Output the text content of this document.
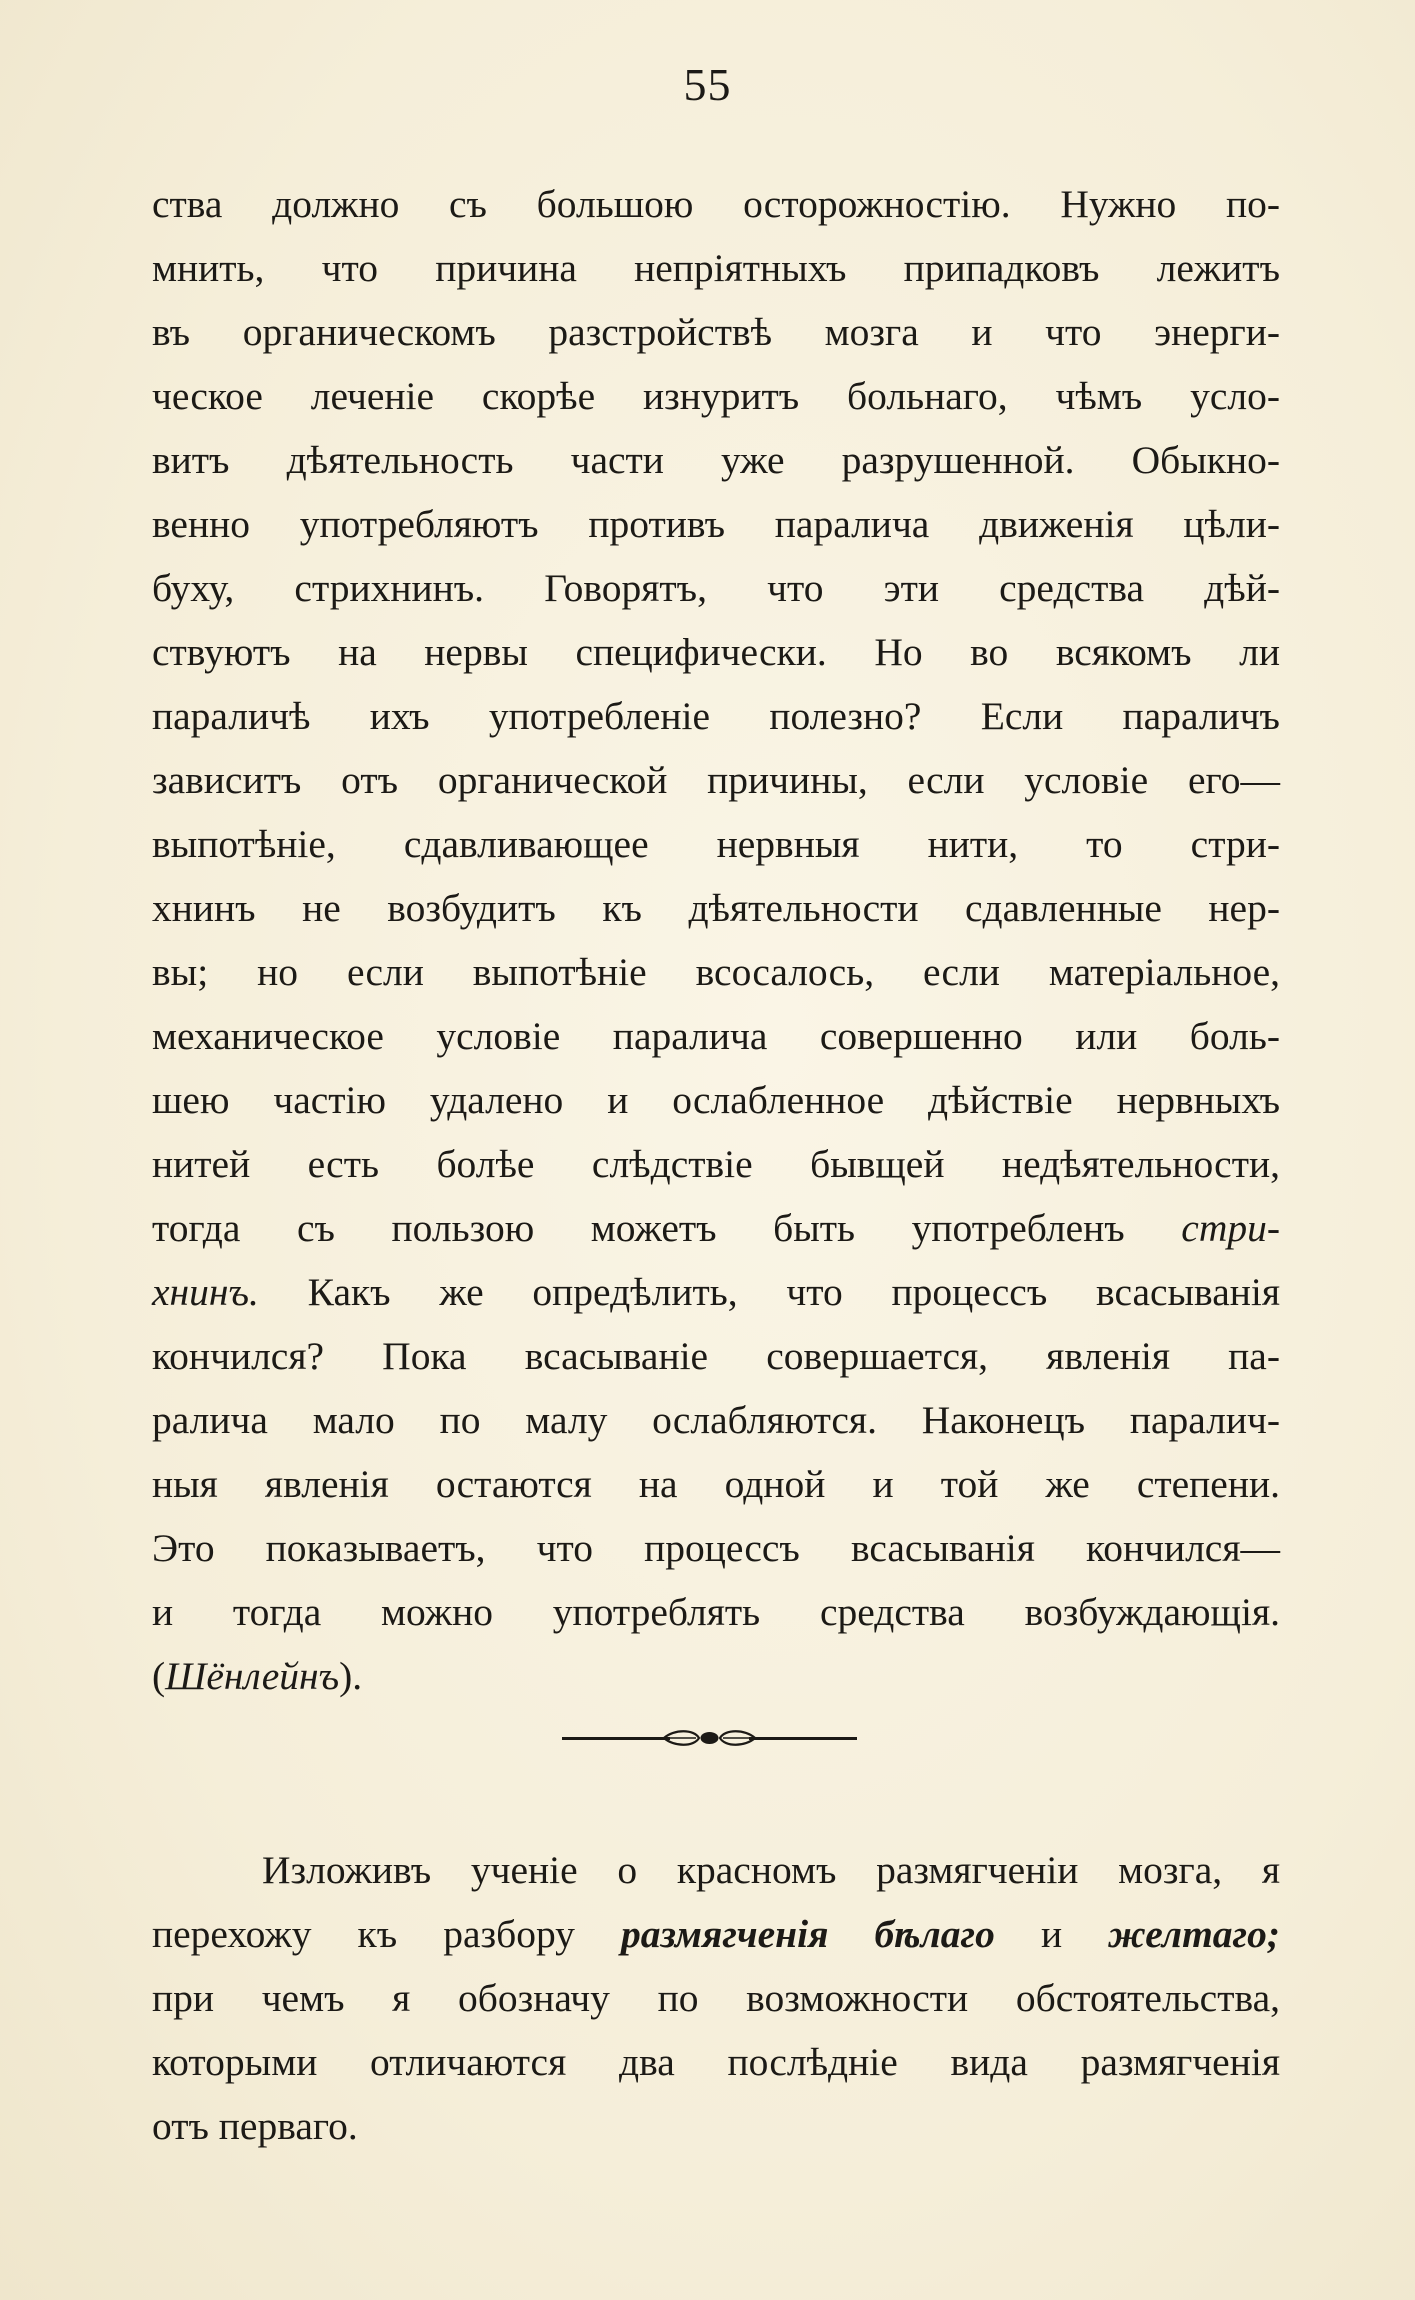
55
ства должно съ большою осторожностію. Нужно по-
мнить, что причина непріятныхъ припадковъ лежитъ
въ органическомъ разстройствѣ мозга и что энерги-
ческое леченіе скорѣе изнуритъ больнаго, чѣмъ усло-
витъ дѣятельность части уже разрушенной. Обыкно-
венно употребляютъ противъ паралича движенія цѣли-
буху, стрихнинъ. Говорятъ, что эти средства дѣй-
ствуютъ на нервы специфически. Но во всякомъ ли
параличѣ ихъ употребленіе полезно? Если параличъ
зависитъ отъ органической причины, если условіе его—
выпотѣніе, сдавливающее нервныя нити, то стри-
хнинъ не возбудитъ къ дѣятельности сдавленные нер-
вы; но если выпотѣніе всосалось, если матеріальное,
механическое условіе паралича совершенно или боль-
шею частію удалено и ослабленное дѣйствіе нервныхъ
нитей есть болѣе слѣдствіе бывщей недѣятельности,
тогда съ пользою можетъ быть употребленъ стри-
хнинъ. Какъ же опредѣлить, что процессъ всасыванія
кончился? Пока всасываніе совершается, явленія па-
ралича мало по малу ослабляются. Наконецъ паралич-
ныя явленія остаются на одной и той же степени.
Это показываетъ, что процессъ всасыванія кончился—
и тогда можно употреблять средства возбуждающія.
(Шёнлейнъ).
Изложивъ ученіе о красномъ размягченіи мозга, я
перехожу къ разбору размягченія бѣлаго и желтаго;
при чемъ я обозначу по возможности обстоятельства,
которыми отличаются два послѣдніе вида размягченія
отъ перваго.
